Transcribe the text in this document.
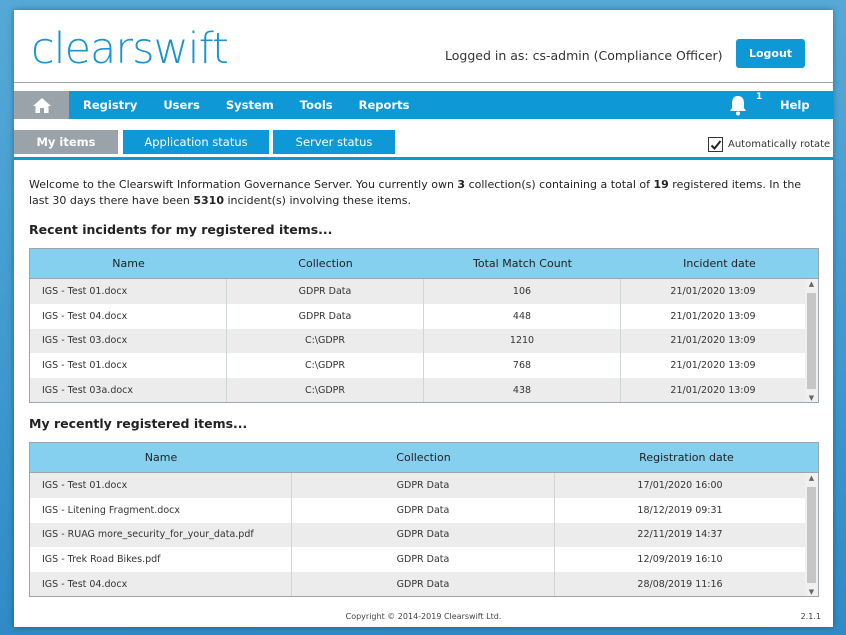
clearswift	Logged in as: cs-admin (Compliance Officer)	Logout
Registry	Users	System	Tools	Reports
1
Help
My items	Application status	Server status	Automatically rotate
Welcome to the Clearswift Information Governance Server. You currently own 3 collection(s) containing a total of 19 registered items. In the last 30 days there have been 5310 incident(s) involving these items.
Recent incidents for my registered items...
Name	Collection	Total Match Count	Incident date
IGS - Test 01.docx	GDPR Data	106	21/01/2020 13:09
IGS - Test 04.docx	GDPR Data	448	21/01/2020 13:09
IGS - Test 03.docx	C:\GDPR	1210	21/01/2020 13:09
IGS - Test 01.docx	C:\GDPR	768	21/01/2020 13:09
IGS - Test 03a.docx	C:\GDPR	438	21/01/2020 13:09
▲
▼
My recently registered items...
Name	Collection	Registration date
IGS - Test 01.docx	GDPR Data	17/01/2020 16:00
IGS - Litening Fragment.docx	GDPR Data	18/12/2019 09:31
IGS - RUAG more_security_for_your_data.pdf	GDPR Data	22/11/2019 14:37
IGS - Trek Road Bikes.pdf	GDPR Data	12/09/2019 16:10
IGS - Test 04.docx	GDPR Data	28/08/2019 11:16
▲
▼
Copyright © 2014-2019 Clearswift Ltd.	2.1.1
